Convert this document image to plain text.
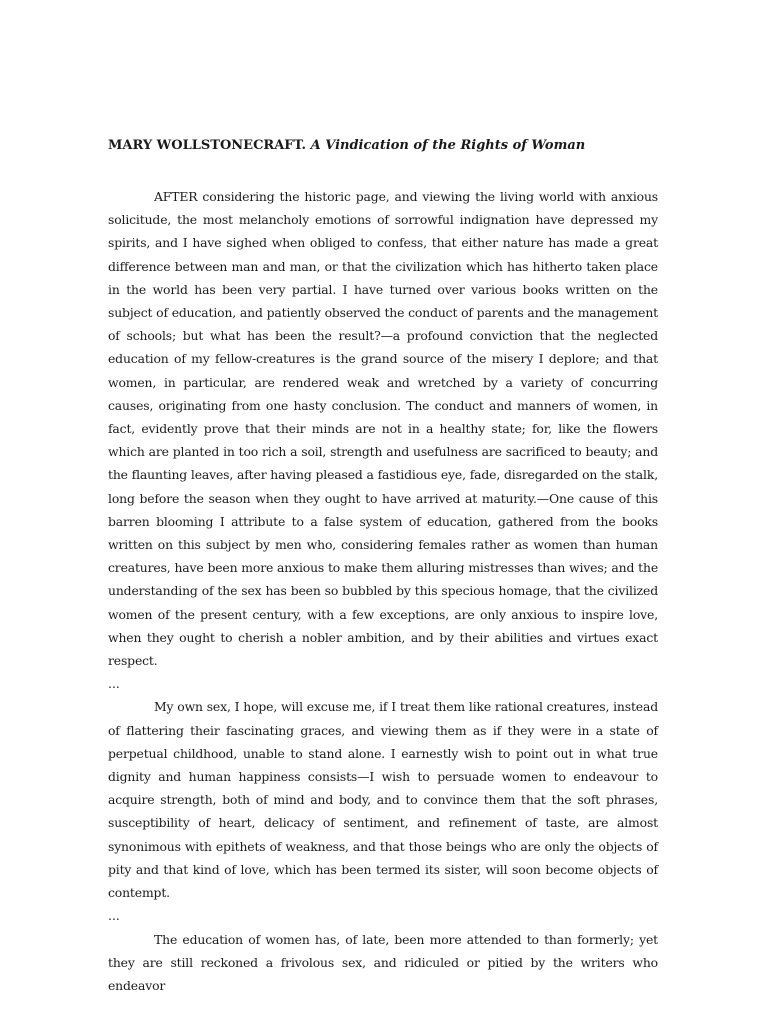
MARY WOLLSTONECRAFT. A Vindication of the Rights of Woman

AFTER considering the historic page, and viewing the living world with anxious solicitude, the most melancholy emotions of sorrowful indignation have depressed my spirits, and I have sighed when obliged to confess, that either nature has made a great difference between man and man, or that the civilization which has hitherto taken place in the world has been very partial. I have turned over various books written on the subject of education, and patiently observed the conduct of parents and the management of schools; but what has been the result?—a profound conviction that the neglected education of my fellow-creatures is the grand source of the misery I deplore; and that women, in particular, are rendered weak and wretched by a variety of concurring causes, originating from one hasty conclusion. The conduct and manners of women, in fact, evidently prove that their minds are not in a healthy state; for, like the flowers which are planted in too rich a soil, strength and usefulness are sacrificed to beauty; and the flaunting leaves, after having pleased a fastidious eye, fade, disregarded on the stalk, long before the season when they ought to have arrived at maturity.—One cause of this barren blooming I attribute to a false system of education, gathered from the books written on this subject by men who, considering females rather as women than human creatures, have been more anxious to make them alluring mistresses than wives; and the understanding of the sex has been so bubbled by this specious homage, that the civilized women of the present century, with a few exceptions, are only anxious to inspire love, when they ought to cherish a nobler ambition, and by their abilities and virtues exact respect.

...

My own sex, I hope, will excuse me, if I treat them like rational creatures, instead of flattering their fascinating graces, and viewing them as if they were in a state of perpetual childhood, unable to stand alone. I earnestly wish to point out in what true dignity and human happiness consists—I wish to persuade women to endeavour to acquire strength, both of mind and body, and to convince them that the soft phrases, susceptibility of heart, delicacy of sentiment, and refinement of taste, are almost synonimous with epithets of weakness, and that those beings who are only the objects of pity and that kind of love, which has been termed its sister, will soon become objects of contempt.

...

The education of women has, of late, been more attended to than formerly; yet they are still reckoned a frivolous sex, and ridiculed or pitied by the writers who endeavor
